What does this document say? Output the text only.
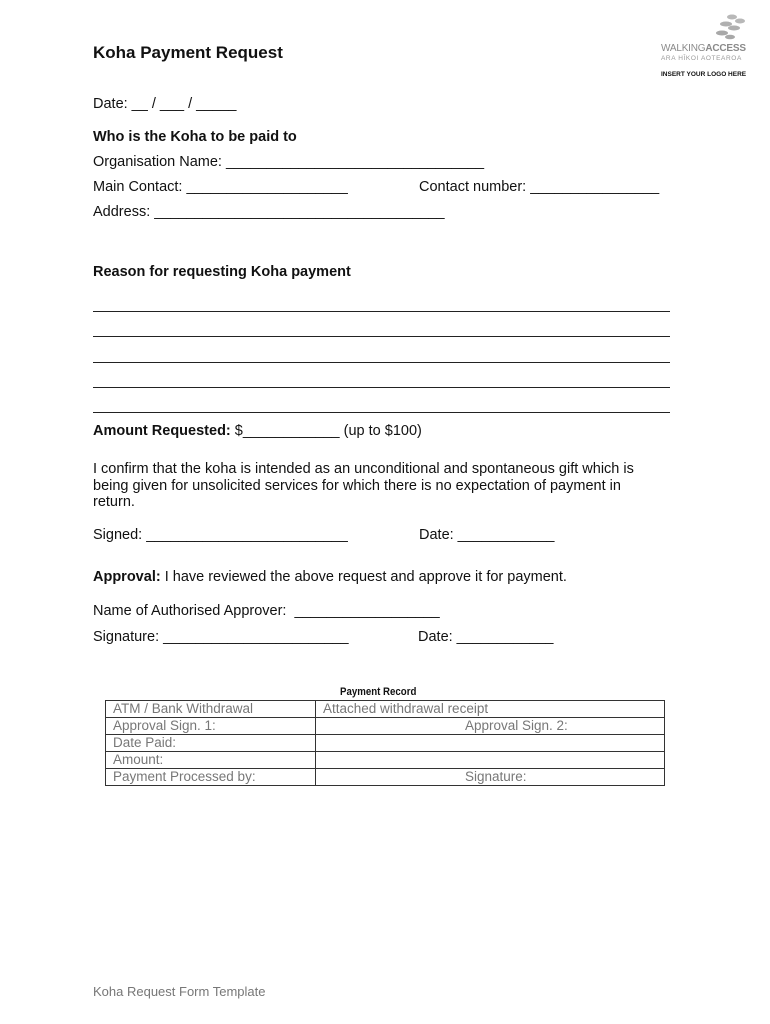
Koha Payment Request	WALKINGACCESS
ARA HĪKOI AOTEAROA
INSERT YOUR LOGO HERE
Date: __ / ___ / _____
Who is the Koha to be paid to
Organisation Name: ________________________________
Main Contact: ____________________	Contact number: ________________
Address: ____________________________________
Reason for requesting Koha payment
Amount Requested: $____________ (up to $100)
I confirm that the koha is intended as an unconditional and spontaneous gift which is
being given for unsolicited services for which there is no expectation of payment in
return.
Signed: _________________________	Date: ____________
Approval: I have reviewed the above request and approve it for payment.
Name of Authorised Approver:  __________________
Signature: _______________________	Date: ____________
Payment Record
ATM / Bank Withdrawal	Attached withdrawal receipt
Approval Sign. 1:	Approval Sign. 2:

Date Paid:	
Amount:	
Payment Processed by:	Signature:
Koha Request Form Template
